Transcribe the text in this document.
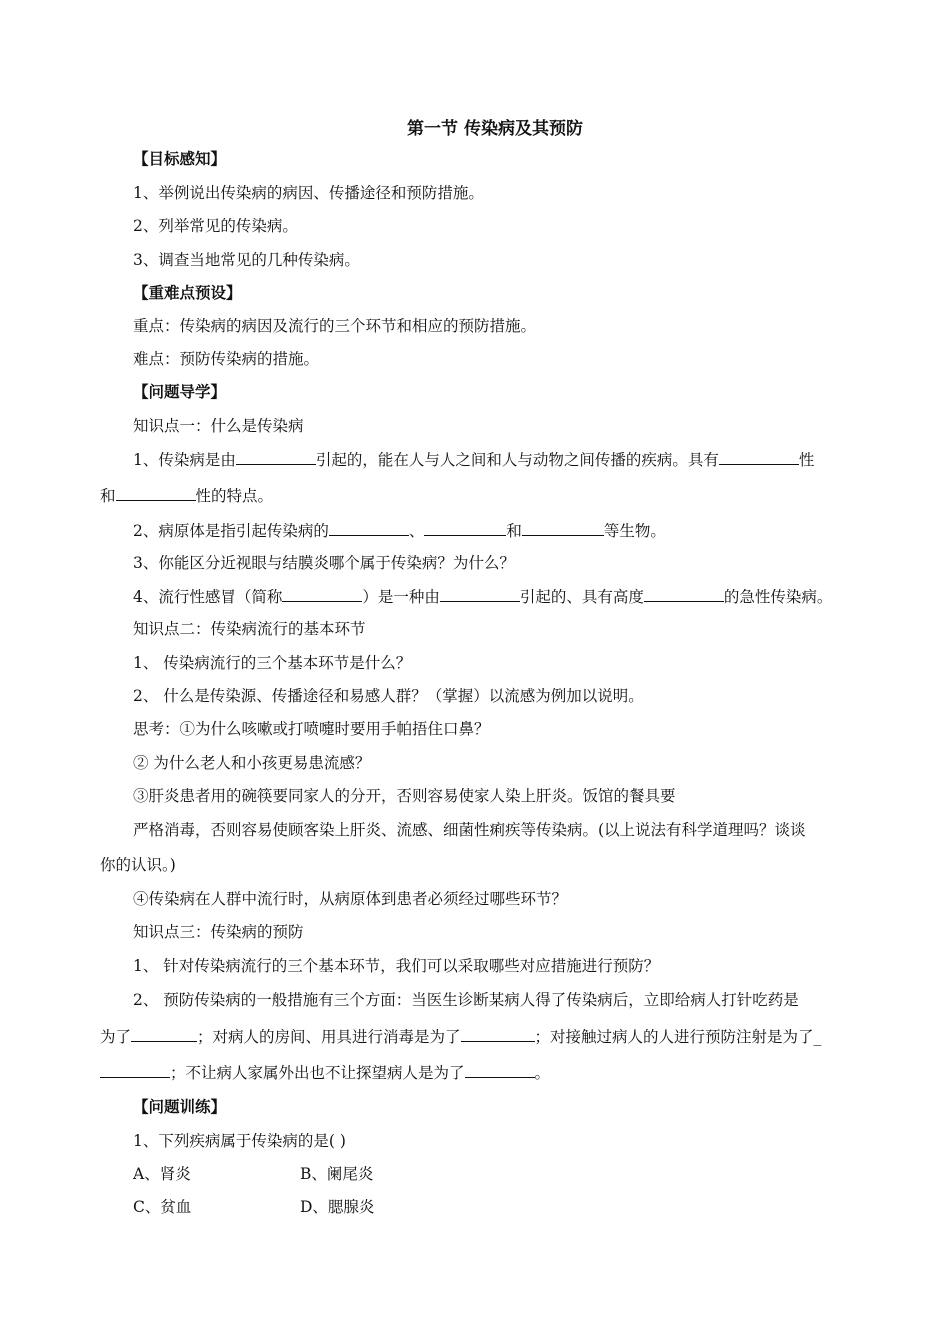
第一节 传染病及其预防
【目标感知】
1、举例说出传染病的病因、传播途径和预防措施。
2、列举常见的传染病。
3、调查当地常见的几种传染病。
【重难点预设】
重点：传染病的病因及流行的三个环节和相应的预防措施。
难点：预防传染病的措施。
【问题导学】
知识点一：什么是传染病
1、传染病是由	引起的，能在人与人之间和人与动物之间传播的疾病。具有	性
和	性的特点。
2、病原体是指引起传染病的	、	和	等生物。
3、你能区分近视眼与结膜炎哪个属于传染病？为什么？
4、流行性感冒（简称	）是一种由	引起的、具有高度	的急性传染病。
知识点二：传染病流行的基本环节
1、 传染病流行的三个基本环节是什么？
2、 什么是传染源、传播途径和易感人群？（掌握）以流感为例加以说明。
思考：①为什么咳嗽或打喷嚏时要用手帕捂住口鼻？
② 为什么老人和小孩更易患流感？
③肝炎患者用的碗筷要同家人的分开，否则容易使家人染上肝炎。饭馆的餐具要
严格消毒，否则容易使顾客染上肝炎、流感、细菌性痢疾等传染病。(以上说法有科学道理吗？谈谈
你的认识。)
④传染病在人群中流行时，从病原体到患者必须经过哪些环节？
知识点三：传染病的预防
1、 针对传染病流行的三个基本环节，我们可以采取哪些对应措施进行预防？
2、 预防传染病的一般措施有三个方面：当医生诊断某病人得了传染病后，立即给病人打针吃药是
为了	；对病人的房间、用具进行消毒是为了	；对接触过病人的人进行预防注射是为了_
；不让病人家属外出也不让探望病人是为了	。
【问题训练】
1、下列疾病属于传染病的是( )
A、肾炎	B、阑尾炎
C、贫血	D、腮腺炎
